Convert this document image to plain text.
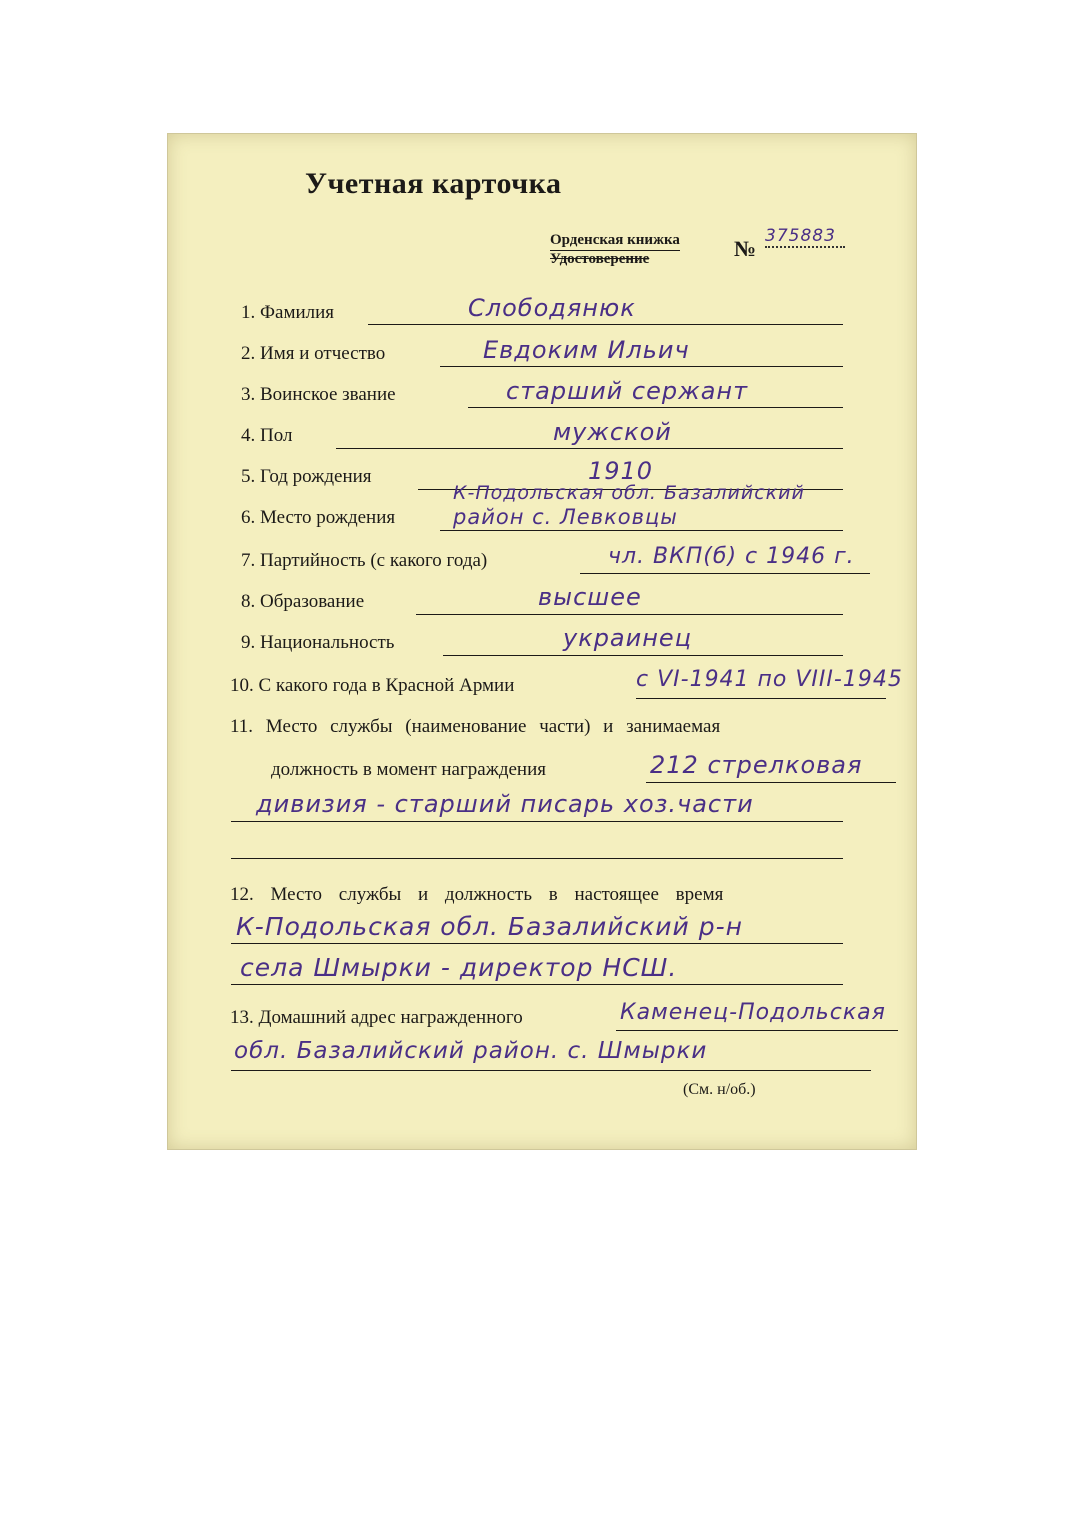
Учетная карточка
Орденская книжка
Удостоверение	№ 375883
1. Фамилия	Слободянюк
2. Имя и отчество	Евдоким Ильич
3. Воинское звание	старший сержант
4. Пол	мужской
5. Год рождения	1910
6. Место рождения
К-Подольская обл. Базалийский
район с. Левковцы
7. Партийность (с какого года)	чл. ВКП(б) с 1946 г.
8. Образование	высшее
9. Национальность	украинец
10. С какого года в Красной Армии	с VI-1941 по VIII-1945
11. Место службы (наименование части) и занимаемая
должность в момент награждения	212 стрелковая
дивизия - старший писарь хоз.части
12. Место службы и должность в настоящее время
К-Подольская обл. Базалийский р-н
села Шмырки - директор НСШ.
13. Домашний адрес награжденного	Каменец-Подольская
обл. Базалийский район. с. Шмырки
(См. н/об.)
